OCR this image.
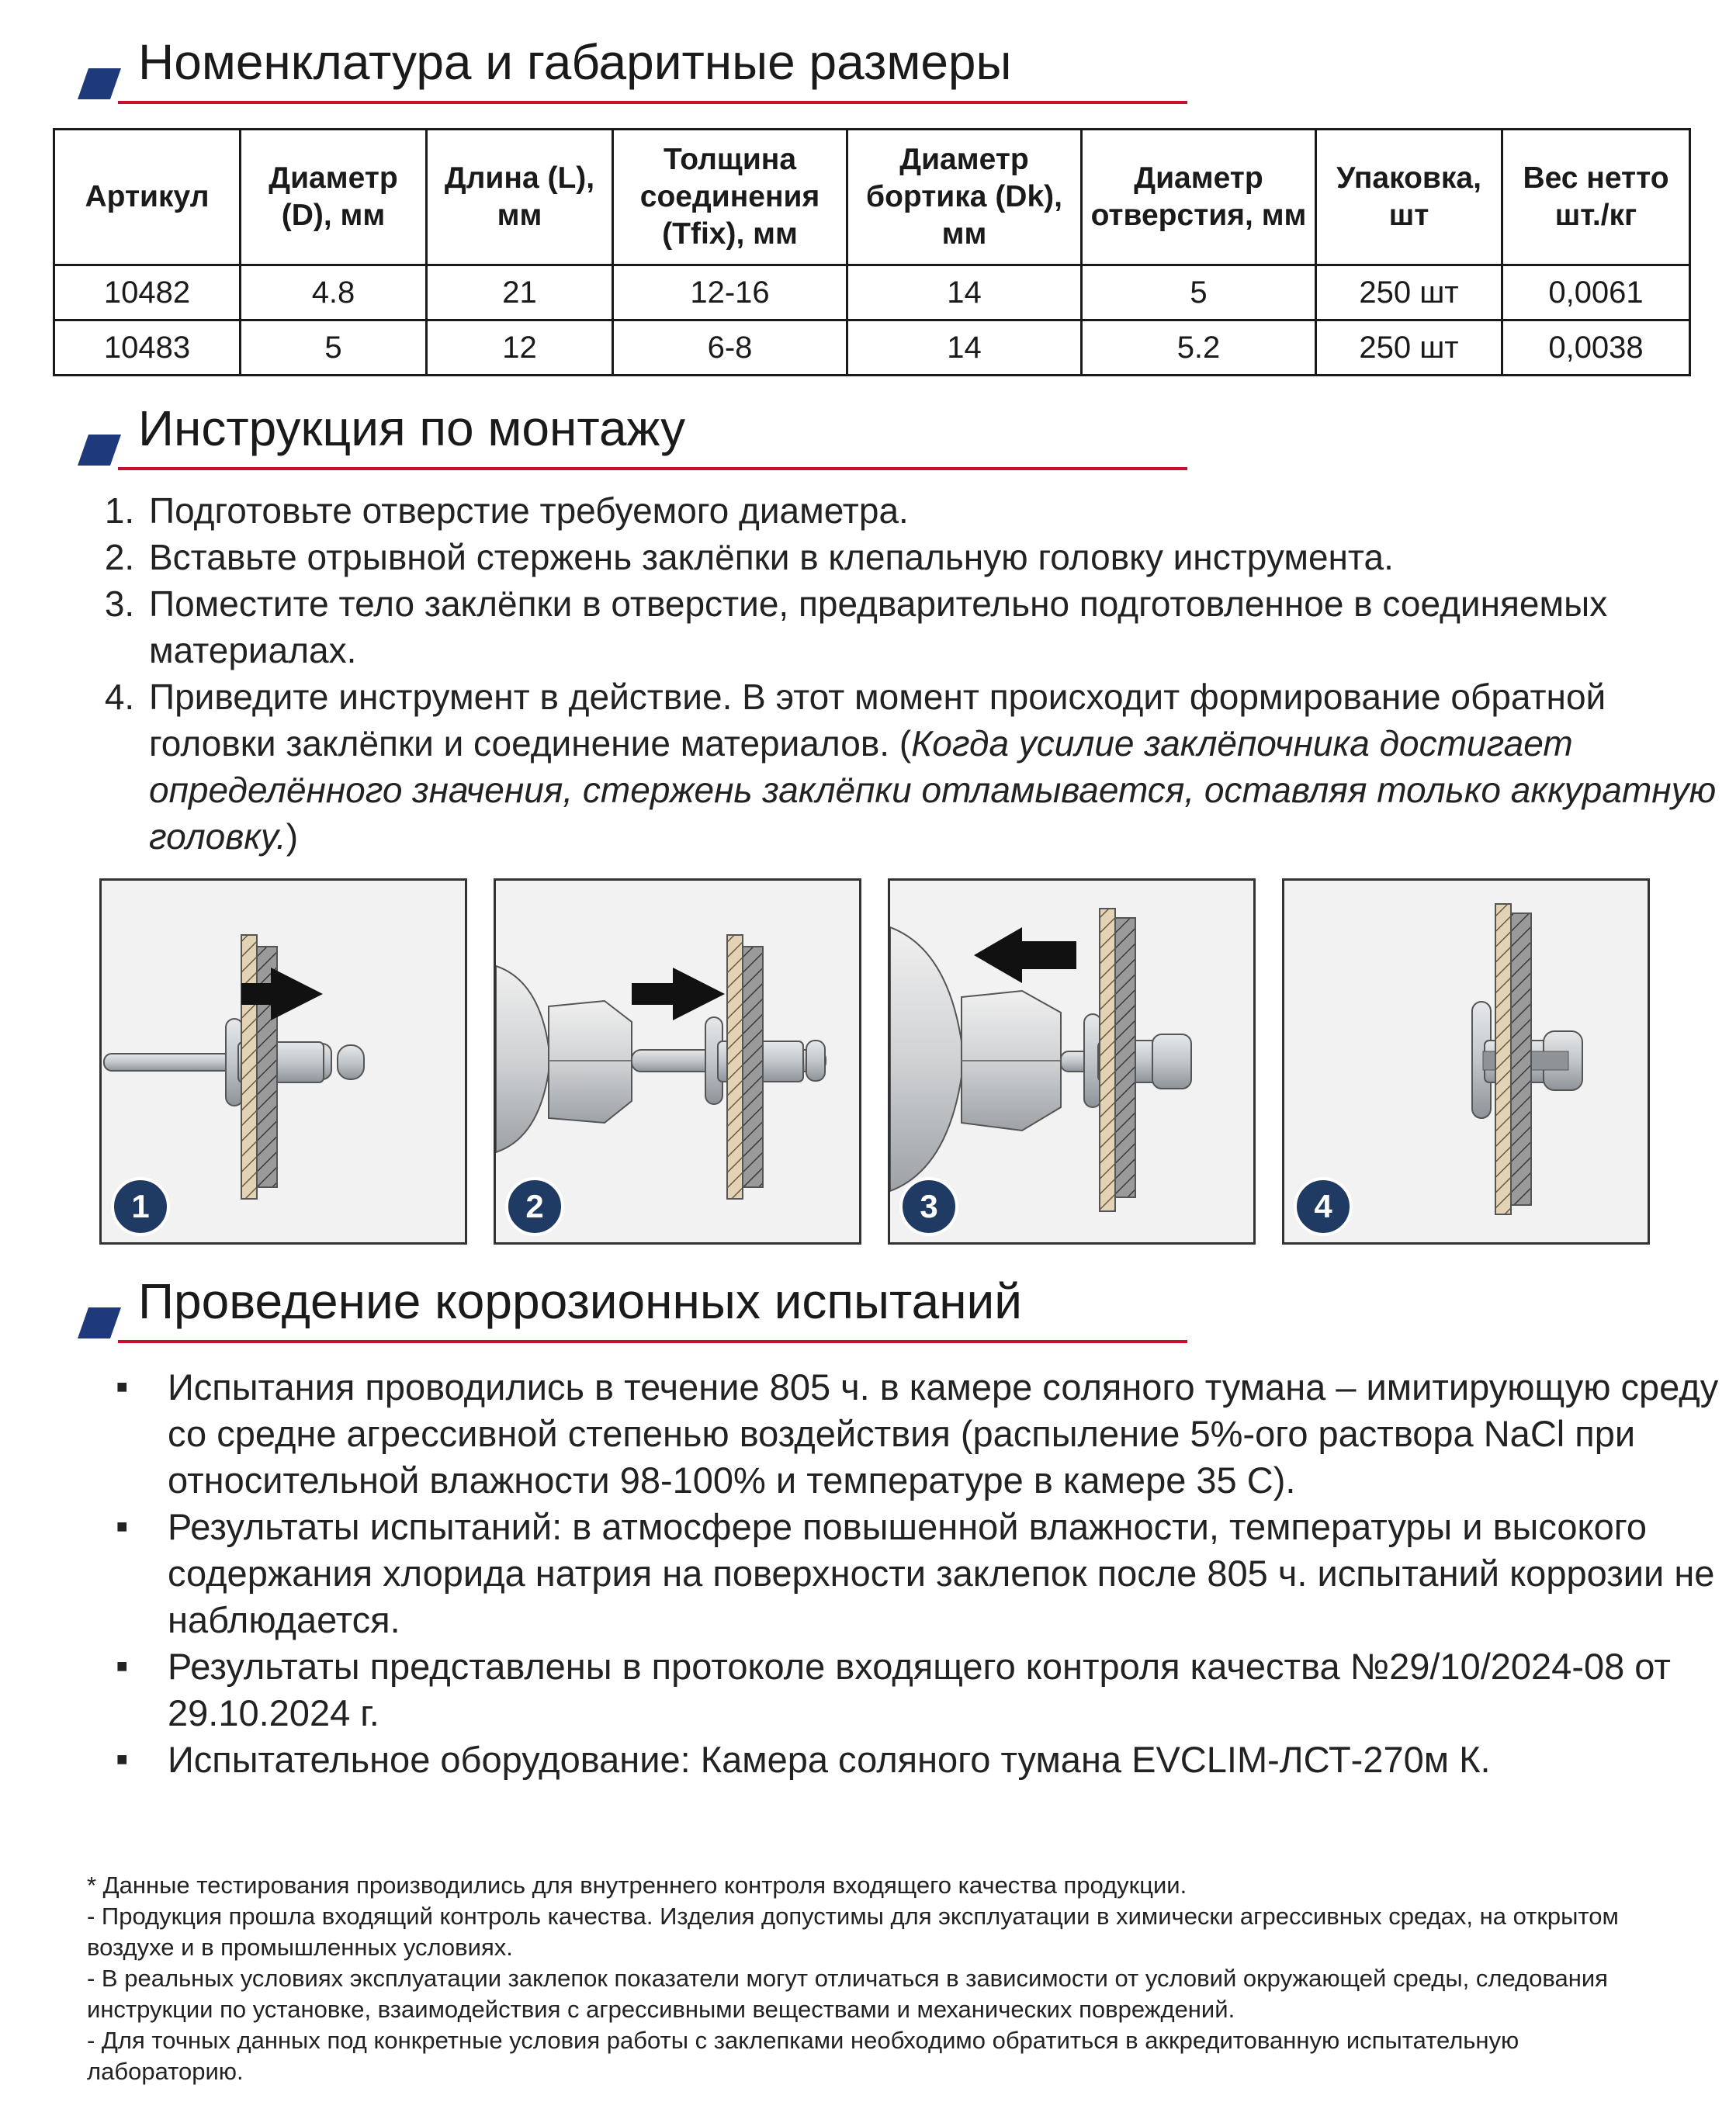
Номенклатура и габаритные размеры
Артикул	Диаметр (D), мм	Длина (L), мм	Толщина соединения (Tfix), мм	Диаметр бортика (Dk), мм	Диаметр отверстия, мм	Упаковка, шт	Вес нетто шт./кг
10482	4.8	21	12-16	14	5	250 шт	0,0061
10483	5	12	6-8	14	5.2	250 шт	0,0038
Инструкция по монтажу
1. Подготовьте отверстие требуемого диаметра.
2. Вставьте отрывной стержень заклёпки в клепальную головку инструмента.
3. Поместите тело заклёпки в отверстие, предварительно подготовленное в соединяемых материалах.
4. Приведите инструмент в действие. В этот момент происходит формирование обратной головки заклёпки и соединение материалов. (Когда усилие заклёпочника достигает определённого значения, стержень заклёпки отламывается, оставляя только аккуратную головку.)
1	2	3	4
Проведение коррозионных испытаний
■ Испытания проводились в течение 805 ч. в камере соляного тумана – имитирующую среду со средне агрессивной степенью воздействия (распыление 5%-ого раствора NaCl при относительной влажности 98-100% и температуре в камере 35 С).
■ Результаты испытаний: в атмосфере повышенной влажности, температуры и высокого содержания хлорида натрия на поверхности заклепок после 805 ч. испытаний коррозии не наблюдается.
■ Результаты представлены в протоколе входящего контроля качества №29/10/2024-08 от 29.10.2024 г.
■ Испытательное оборудование: Камера соляного тумана EVCLIM-ЛСТ-270м К.

* Данные тестирования производились для внутреннего контроля входящего качества продукции.

- Продукция прошла входящий контроль качества. Изделия допустимы для эксплуатации в химически агрессивных средах, на открытом воздухе и в промышленных условиях.

- В реальных условиях эксплуатации заклепок показатели могут отличаться в зависимости от условий окружающей среды, следования инструкции по установке, взаимодействия с агрессивными веществами и механических повреждений.

- Для точных данных под конкретные условия работы с заклепками необходимо обратиться в аккредитованную испытательную лабораторию.
